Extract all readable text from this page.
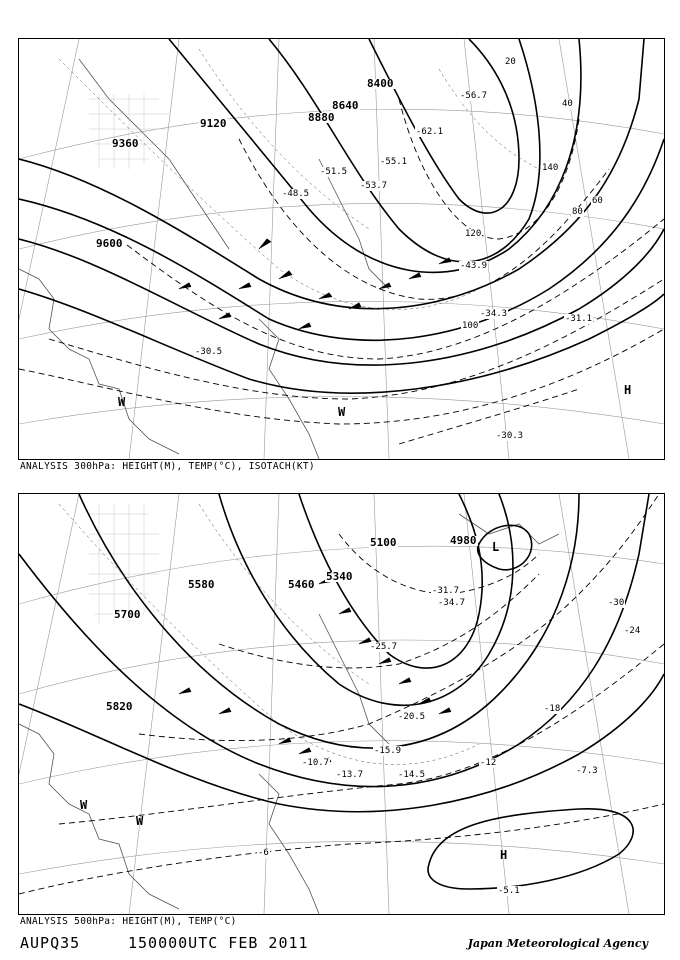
8400
8640
8880
9120
9360
9600
20
40
60
80
100
120
140
-30.3
-30.5
-31.1
-34.3
-43.9
-48.5
-51.5
-53.7
-55.1
-56.7
-62.1
H
W
W
ANALYSIS 300hPa: HEIGHT(M), TEMP(°C), ISOTACH(KT)
4980
5100
5340
5460
5580
5700
5820
-6
-12
-18
-24
-30
-5.1
-7.3
-10.7
-13.7	-14.5
-15.9
-20.5
-25.7
-31.7
-34.7
H
L
W
W
ANALYSIS 500hPa: HEIGHT(M), TEMP(°C)
AUPQ35	150000UTC FEB 2011	Japan Meteorological Agency
